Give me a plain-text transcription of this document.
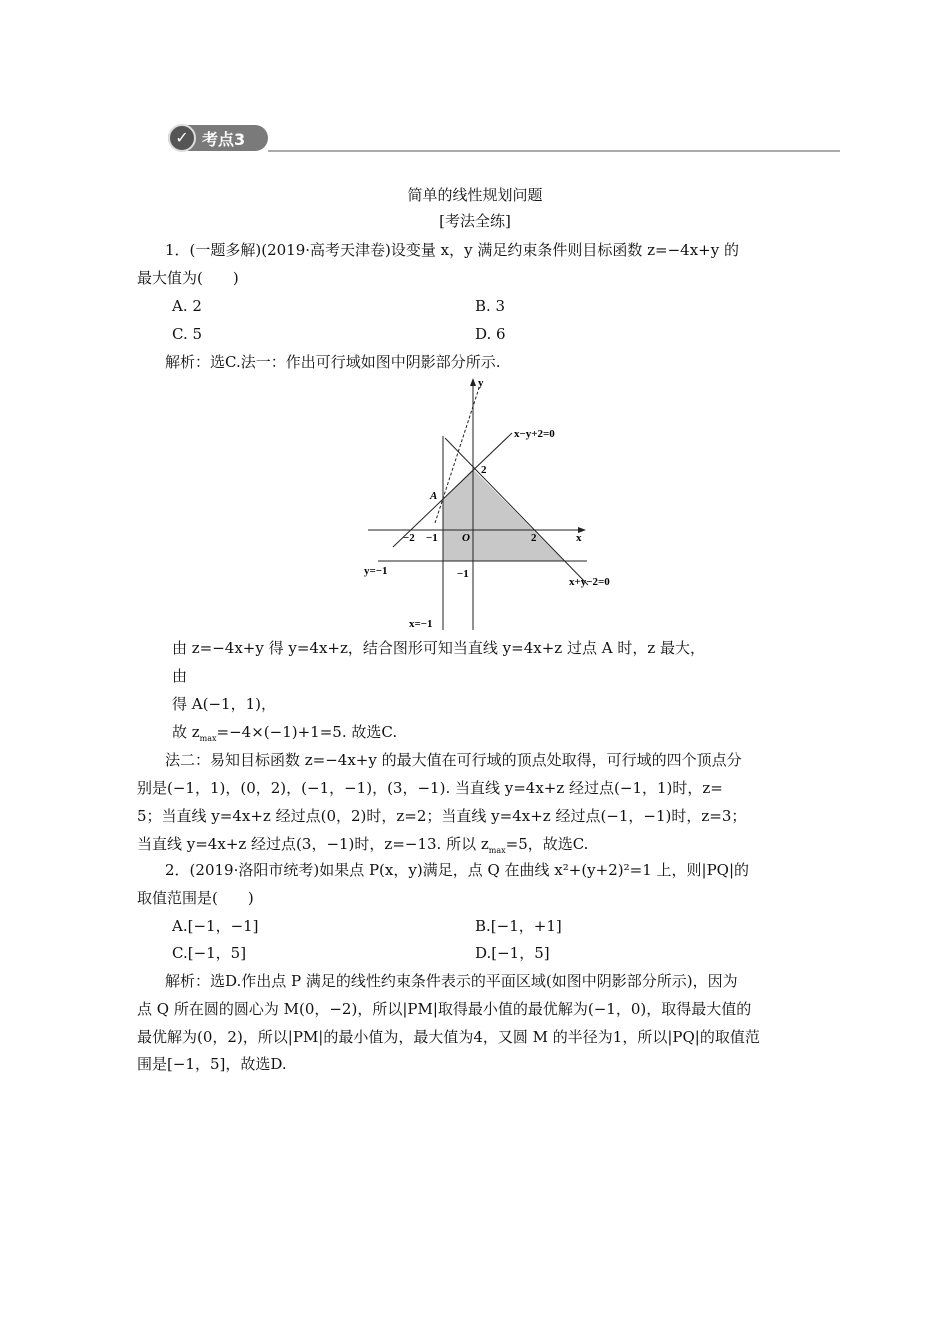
✓ 考点3
简单的线性规划问题
[考法全练]
1．(一题多解)(2019·高考天津卷)设变量 x，y 满足约束条件则目标函数 z=−4x+y 的
最大值为(　　)
A. 2	B. 3
C. 5	D. 6
解析：选C.法一：作出可行域如图中阴影部分所示.
y
x
x−y+2=0
x+y−2=0
y=−1
x=−1
A
O
2
2
−2 −1
−1
由 z=−4x+y 得 y=4x+z，结合图形可知当直线 y=4x+z 过点 A 时，z 最大，
由
得 A(−1，1)，
故 $z_{max}=-4\times(-1)+1=5$. 故选C.
法二：易知目标函数 z=−4x+y 的最大值在可行域的顶点处取得，可行域的四个顶点分
别是(−1，1)，(0，2)，(−1，−1)，(3，−1). 当直线 y=4x+z 经过点(−1，1)时，z=
5；当直线 y=4x+z 经过点(0，2)时，z=2；当直线 y=4x+z 经过点(−1，−1)时，z=3；
当直线 y=4x+z 经过点(3，−1)时，z=−13. 所以 $z_{max}=5$，故选C.
2．(2019·洛阳市统考)如果点 P(x，y)满足，点 Q 在曲线 x²+(y+2)²=1 上，则|PQ|的
取值范围是(　　)
A.[−1，−1]	B.[−1，+1]
C.[−1，5]	D.[−1，5]
解析：选D.作出点 P 满足的线性约束条件表示的平面区域(如图中阴影部分所示)，因为
点 Q 所在圆的圆心为 M(0，−2)，所以|PM|取得最小值的最优解为(−1，0)，取得最大值的
最优解为(0，2)，所以|PM|的最小值为，最大值为4，又圆 M 的半径为1，所以|PQ|的取值范
围是[−1，5]，故选D.
